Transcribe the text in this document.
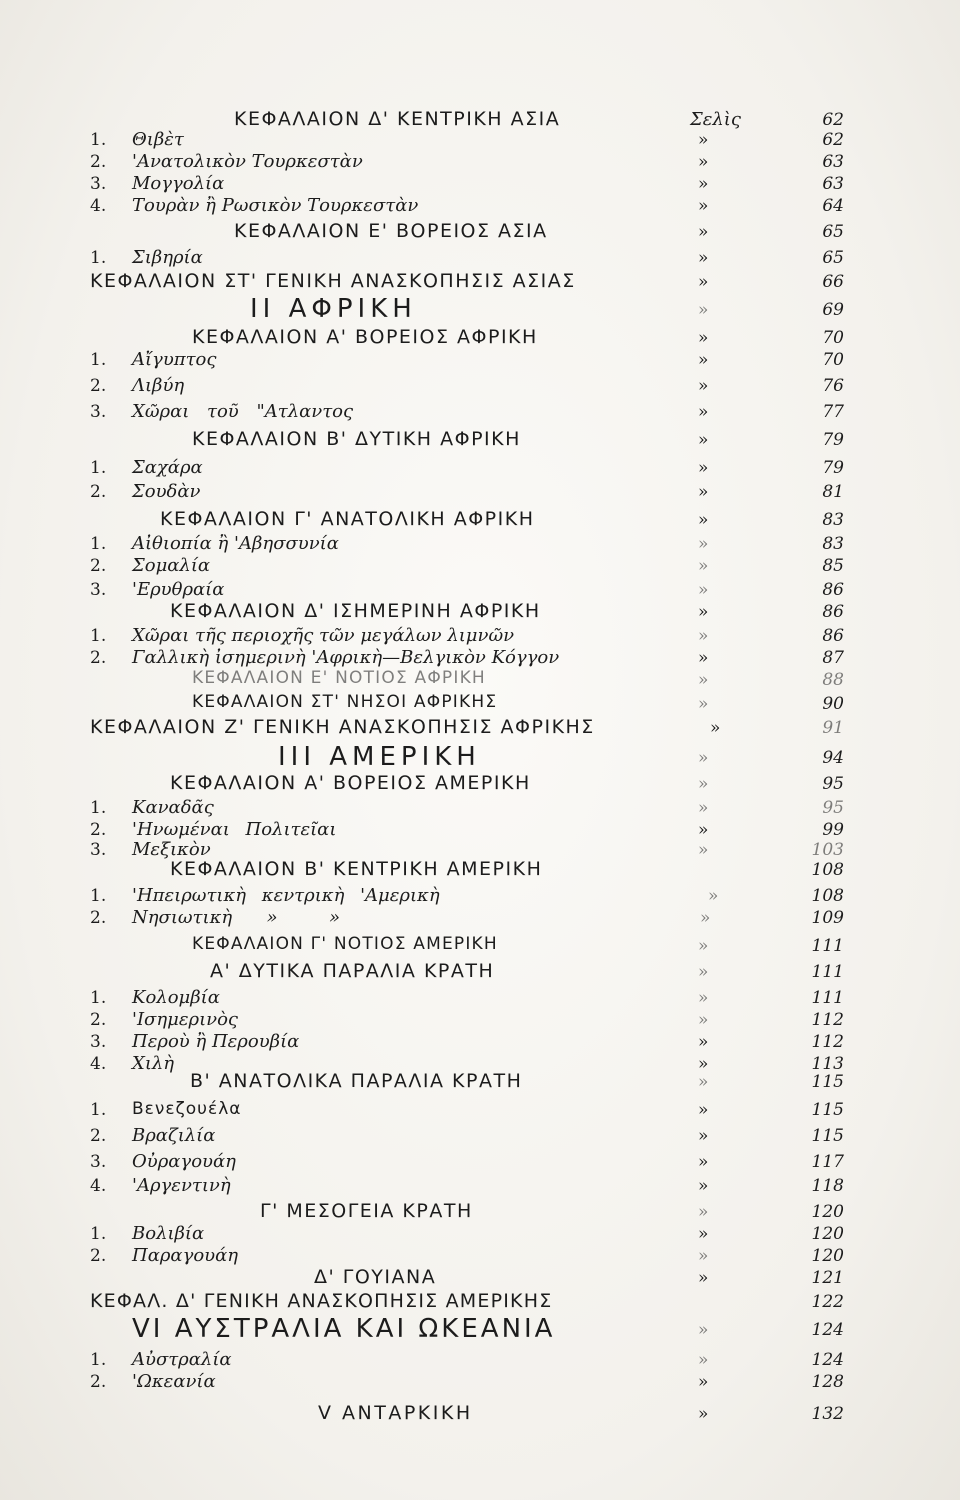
ΚΕΦΑΛΑΙΟΝ Δ' ΚΕΝΤΡΙΚΗ ΑΣΙΑ	Σελὶς	62
1. Θιβὲτ	»	62
2. 'Ανατολικὸν Τουρκεστὰν	»	63
3. Μογγολία	»	63
4. Τουρὰν ἢ Ρωσικὸν Τουρκεστὰν	»	64
ΚΕΦΑΛΑΙΟΝ Ε' ΒΟΡΕΙΟΣ ΑΣΙΑ	»	65
1. Σιβηρία	»	65
ΚΕΦΑΛΑΙΟΝ ΣΤ' ΓΕΝΙΚΗ ΑΝΑΣΚΟΠΗΣΙΣ ΑΣΙΑΣ	»	66
II ΑΦΡΙΚΗ	»	69
ΚΕΦΑΛΑΙΟΝ Α' ΒΟΡΕΙΟΣ ΑΦΡΙΚΗ	»	70
1. Αἴγυπτος	»	70
2. Λιβύη	»	76
3. Χῶραι τοῦ "Ατλαντος	»	77
ΚΕΦΑΛΑΙΟΝ Β' ΔΥΤΙΚΗ ΑΦΡΙΚΗ	»	79
1. Σαχάρα	»	79
2. Σουδὰν	»	81
ΚΕΦΑΛΑΙΟΝ Γ' ΑΝΑΤΟΛΙΚΗ ΑΦΡΙΚΗ	»	83
1. Αἰθιοπία ἢ 'Αβησσυνία	»	83
2. Σομαλία	»	85
3. 'Ερυθραία	»	86
ΚΕΦΑΛΑΙΟΝ Δ' ΙΣΗΜΕΡΙΝΗ ΑΦΡΙΚΗ	»	86
1. Χῶραι τῆς περιοχῆς τῶν μεγάλων λιμνῶν	»	86
2. Γαλλικὴ ἰσημερινὴ 'Αφρικὴ—Βελγικὸν Κόγγον	»	87
ΚΕΦΑΛΑΙΟΝ Ε' ΝΟΤΙΟΣ ΑΦΡΙΚΗ	»	88
ΚΕΦΑΛΑΙΟΝ ΣΤ' ΝΗΣΟΙ ΑΦΡΙΚΗΣ	»	90
ΚΕΦΑΛΑΙΟΝ Ζ' ΓΕΝΙΚΗ ΑΝΑΣΚΟΠΗΣΙΣ ΑΦΡΙΚΗΣ	»	91
III ΑΜΕΡΙΚΗ	»	94
ΚΕΦΑΛΑΙΟΝ Α' ΒΟΡΕΙΟΣ ΑΜΕΡΙΚΗ	»	95
1. Καναδᾶς	»	95
2. 'Ηνωμέναι Πολιτεῖαι	»	99
3. Μεξικὸν	»	103
ΚΕΦΑΛΑΙΟΝ Β' ΚΕΝΤΡΙΚΗ ΑΜΕΡΙΚΗ	108
1. 'Ηπειρωτικὴ κεντρικὴ 'Αμερικὴ	»	108
2. Νησιωτικὴ      »         »	»	109
ΚΕΦΑΛΑΙΟΝ Γ' ΝΟΤΙΟΣ ΑΜΕΡΙΚΗ	»	111
Α' ΔΥΤΙΚΑ ΠΑΡΑΛΙΑ ΚΡΑΤΗ	»	111
1. Κολομβία	»	111
2. 'Ισημερινὸς	»	112
3. Περοὺ ἢ Περουβία	»	112
4. Χιλὴ	»	113
Β' ΑΝΑΤΟΛΙΚΑ ΠΑΡΑΛΙΑ ΚΡΑΤΗ	»	115
1. Βενεζουέλα	»	115
2. Βραζιλία	»	115
3. Οὐραγουάη	»	117
4. 'Αργεντινὴ	»	118
Γ' ΜΕΣΟΓΕΙΑ ΚΡΑΤΗ	»	120
1. Βολιβία	»	120
2. Παραγουάη	»	120
Δ' ΓΟΥΙΑΝΑ	»	121
ΚΕΦΑΛ. Δ' ΓΕΝΙΚΗ ΑΝΑΣΚΟΠΗΣΙΣ ΑΜΕΡΙΚΗΣ	122
VI ΑΥΣΤΡΑΛΙΑ ΚΑΙ ΩΚΕΑΝΙΑ	»	124
1. Αὐστραλία	»	124
2. 'Ωκεανία	»	128
V ΑΝΤΑΡΚΙΚΗ	»	132
